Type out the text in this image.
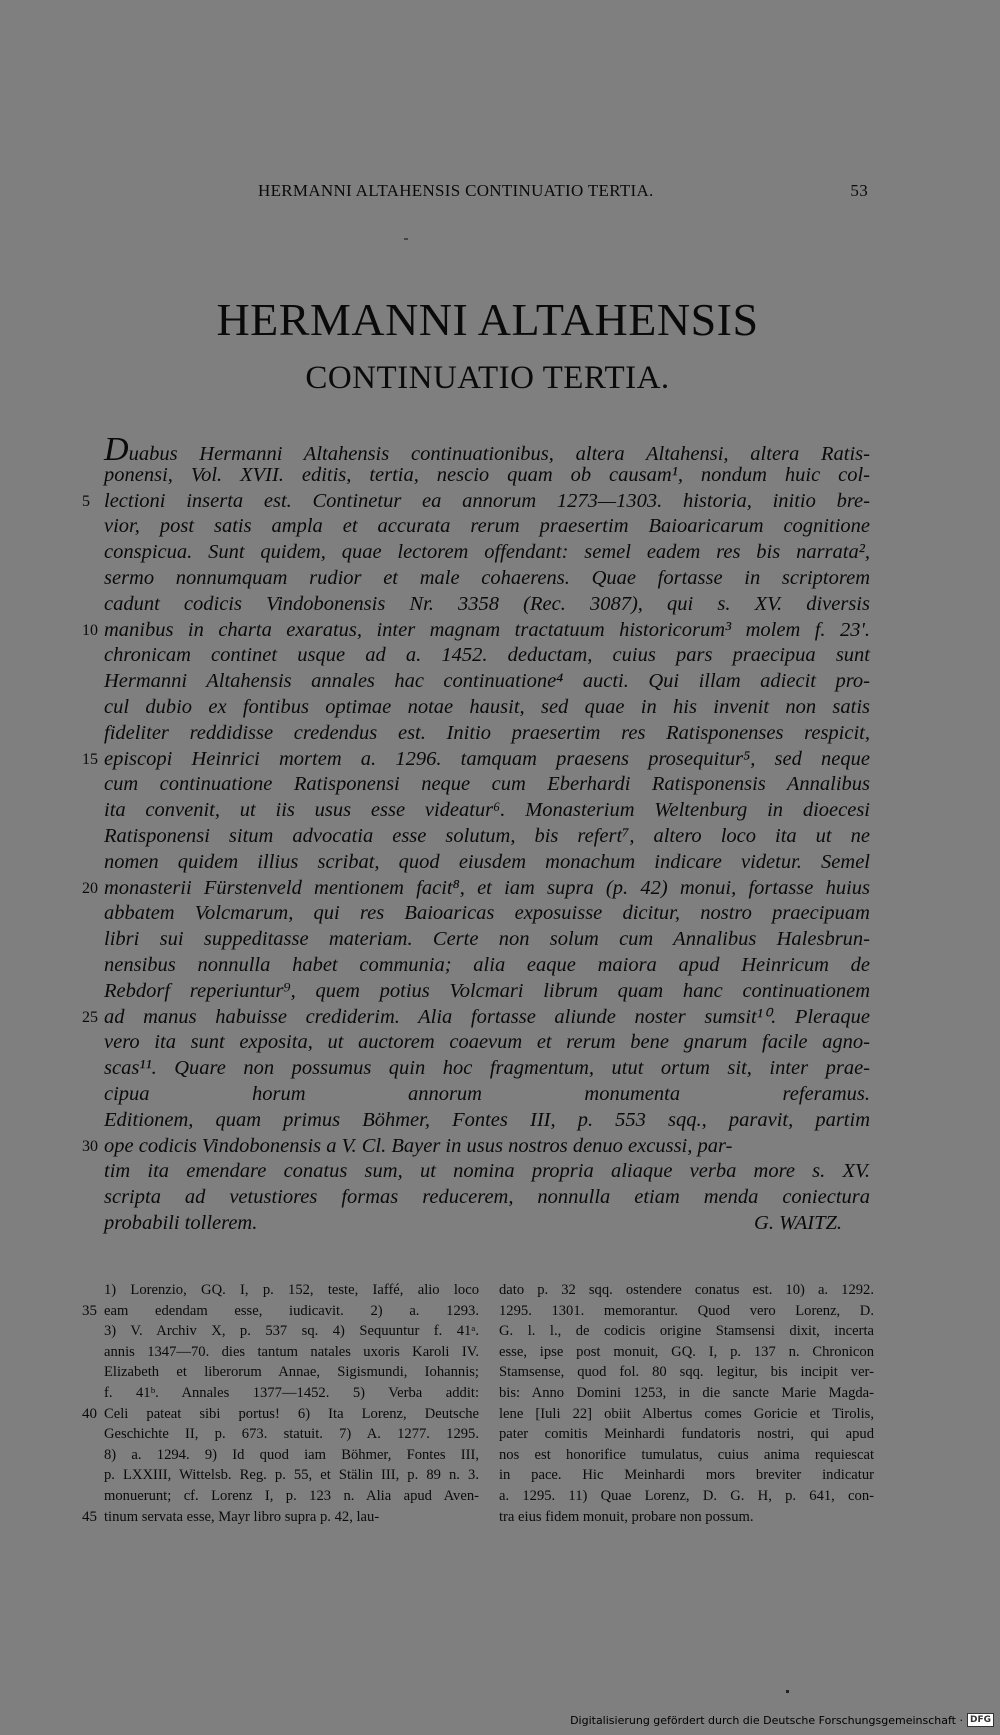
HERMANNI ALTAHENSIS CONTINUATIO TERTIA.	53
HERMANNI ALTAHENSIS
CONTINUATIO TERTIA.
Duabus Hermanni Altahensis continuationibus, altera Altahensi, altera Ratis-
ponensi, Vol. XVII. editis, tertia, nescio quam ob causam¹, nondum huic col-
5 lectioni inserta est. Continetur ea annorum 1273—1303. historia, initio bre-
vior, post satis ampla et accurata rerum praesertim Baioaricarum cognitione
conspicua. Sunt quidem, quae lectorem offendant: semel eadem res bis narrata²,
sermo nonnumquam rudior et male cohaerens. Quae fortasse in scriptorem
cadunt codicis Vindobonensis Nr. 3358 (Rec. 3087), qui s. XV. diversis
10 manibus in charta exaratus, inter magnam tractatuum historicorum³ molem f. 23'.
chronicam continet usque ad a. 1452. deductam, cuius pars praecipua sunt
Hermanni Altahensis annales hac continuatione⁴ aucti. Qui illam adiecit pro-
cul dubio ex fontibus optimae notae hausit, sed quae in his invenit non satis
fideliter reddidisse credendus est. Initio praesertim res Ratisponenses respicit,
15 episcopi Heinrici mortem a. 1296. tamquam praesens prosequitur⁵, sed neque
cum continuatione Ratisponensi neque cum Eberhardi Ratisponensis Annalibus
ita convenit, ut iis usus esse videatur⁶. Monasterium Weltenburg in dioecesi
Ratisponensi situm advocatia esse solutum, bis refert⁷, altero loco ita ut ne
nomen quidem illius scribat, quod eiusdem monachum indicare videtur. Semel
20 monasterii Fürstenveld mentionem facit⁸, et iam supra (p. 42) monui, fortasse huius
abbatem Volcmarum, qui res Baioaricas exposuisse dicitur, nostro praecipuam
libri sui suppeditasse materiam. Certe non solum cum Annalibus Halesbrun-
nensibus nonnulla habet communia; alia eaque maiora apud Heinricum de
Rebdorf reperiuntur⁹, quem potius Volcmari librum quam hanc continuationem
25 ad manus habuisse crediderim. Alia fortasse aliunde noster sumsit¹⁰. Pleraque
vero ita sunt exposita, ut auctorem coaevum et rerum bene gnarum facile agno-
scas¹¹. Quare non possumus quin hoc fragmentum, utut ortum sit, inter prae-
cipua horum annorum monumenta referamus.
Editionem, quam primus Böhmer, Fontes III, p. 553 sqq., paravit, partim
30 ope codicis Vindobonensis a V. Cl. Bayer in usus nostros denuo excussi, par-
tim ita emendare conatus sum, ut nomina propria aliaque verba more s. XV.
scripta ad vetustiores formas reducerem, nonnulla etiam menda coniectura
probabili tollerem.	G. WAITZ.
1) Lorenzio, GQ. I, p. 152, teste, Iaffé, alio loco
35 eam edendam esse, iudicavit. 2) a. 1293.
3) V. Archiv X, p. 537 sq. 4) Sequuntur f. 41ᵃ.
annis 1347—70. dies tantum natales uxoris Karoli IV.
Elizabeth et liberorum Annae, Sigismundi, Iohannis;
f. 41ᵇ. Annales 1377—1452. 5) Verba addit:
40 Celi pateat sibi portus! 6) Ita Lorenz, Deutsche
Geschichte II, p. 673. statuit. 7) A. 1277. 1295.
8) a. 1294. 9) Id quod iam Böhmer, Fontes III,
p. LXXIII, Wittelsb. Reg. p. 55, et Stälin III, p. 89 n. 3.
monuerunt; cf. Lorenz I, p. 123 n. Alia apud Aven-
45 tinum servata esse, Mayr libro supra p. 42, lau-
dato p. 32 sqq. ostendere conatus est. 10) a. 1292.
1295. 1301. memorantur. Quod vero Lorenz, D.
G. l. l., de codicis origine Stamsensi dixit, incerta
esse, ipse post monuit, GQ. I, p. 137 n. Chronicon
Stamsense, quod fol. 80 sqq. legitur, bis incipit ver-
bis: Anno Domini 1253, in die sancte Marie Magda-
lene [Iuli 22] obiit Albertus comes Goricie et Tirolis,
pater comitis Meinhardi fundatoris nostri, qui apud
nos est honorifice tumulatus, cuius anima requiescat
in pace. Hic Meinhardi mors breviter indicatur
a. 1295. 11) Quae Lorenz, D. G. H, p. 641, con-
tra eius fidem monuit, probare non possum.
Digitalisierung gefördert durch die Deutsche Forschungsgemeinschaft · DFG
